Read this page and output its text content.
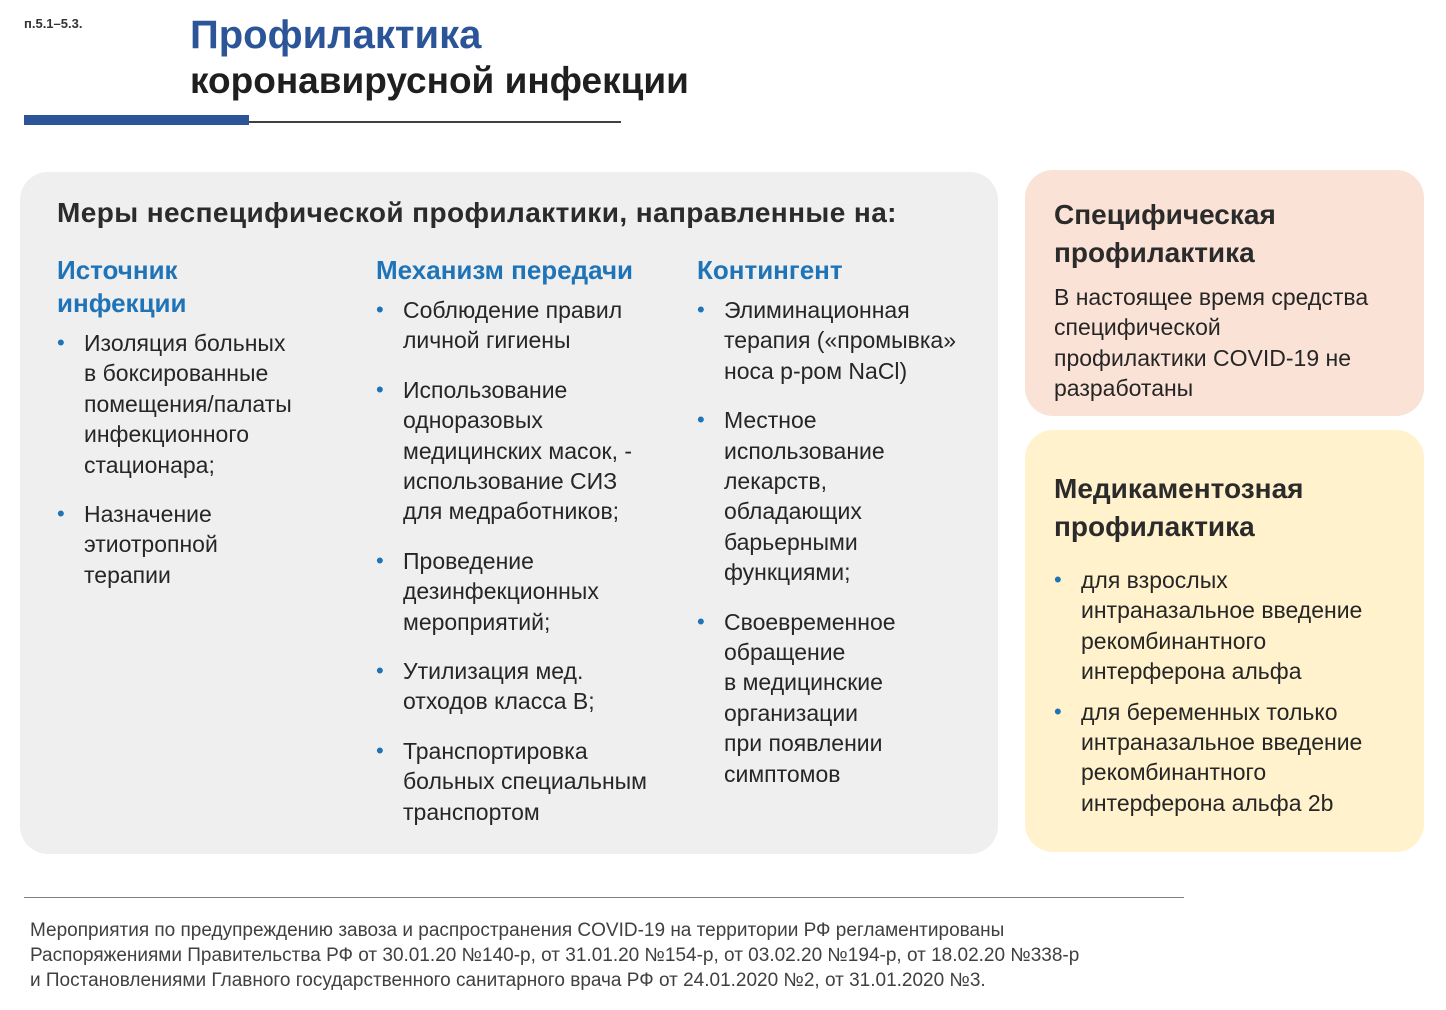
п.5.1–5.3.	Профилактика
коронавирусной инфекции
Меры неспецифической профилактики, направленные на:
Источник
инфекции
• Изоляция больных
в боксированные
помещения/палаты
инфекционного
стационара;
• Назначение
этиотропной
терапии
Механизм передачи
• Соблюдение правил
личной гигиены
• Использование
одноразовых
медицинских масок, -
использование СИЗ
для медработников;
• Проведение
дезинфекционных
мероприятий;
• Утилизация мед.
отходов класса В;
• Транспортировка
больных специальным
транспортом
Контингент
• Элиминационная
терапия («промывка»
носа р-ром NaCl)
• Местное
использование
лекарств,
обладающих
барьерными
функциями;
• Своевременное
обращение
в медицинские
организации
при появлении
симптомов
Специфическая
профилактика
В настоящее время средства
специфической
профилактики COVID-19 не
разработаны
Медикаментозная
профилактика
• для взрослых
интраназальное введение
рекомбинантного
интерферона альфа
• для беременных только
интраназальное введение
рекомбинантного
интерферона альфа 2b
Мероприятия по предупреждению завоза и распространения COVID-19 на территории РФ регламентированы
Распоряжениями Правительства РФ от 30.01.20 №140-р, от 31.01.20 №154-р, от 03.02.20 №194-р, от 18.02.20 №338-р
и Постановлениями Главного государственного санитарного врача РФ от 24.01.2020 №2, от 31.01.2020 №3.
